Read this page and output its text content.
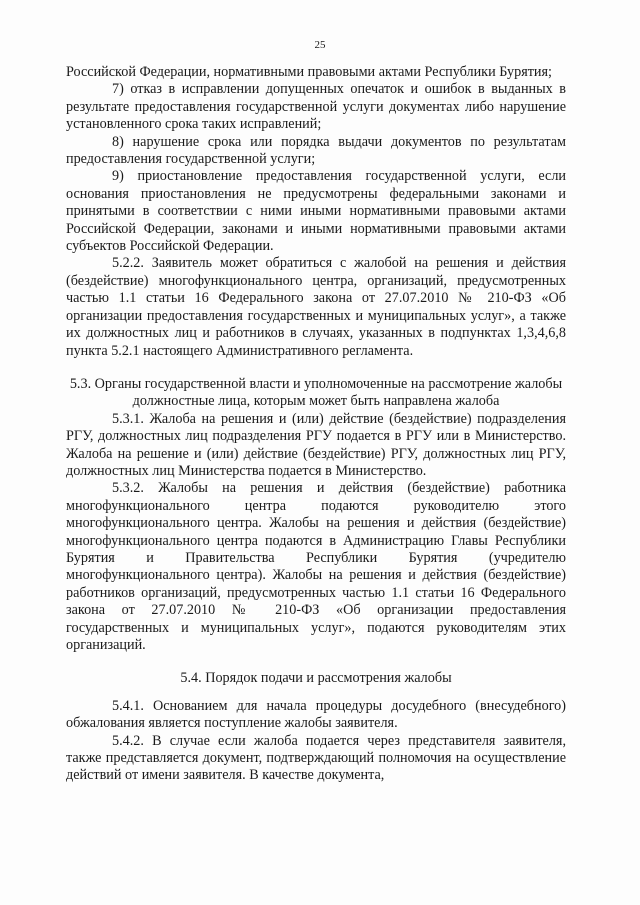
25

Российской Федерации, нормативными правовыми актами Республики Бурятия;

7) отказ в исправлении допущенных опечаток и ошибок в выданных в результате предоставления государственной услуги документах либо нарушение установленного срока таких исправлений;

8) нарушение срока или порядка выдачи документов по результатам предоставления государственной услуги;

9) приостановление предоставления государственной услуги, если основания приостановления не предусмотрены федеральными законами и принятыми в соответствии с ними иными нормативными правовыми актами Российской Федерации, законами и иными нормативными правовыми актами субъектов Российской Федерации.

5.2.2. Заявитель может обратиться с жалобой на решения и действия (бездействие) многофункционального центра, организаций, предусмотренных частью 1.1 статьи 16 Федерального закона от 27.07.2010 № 210-ФЗ «Об организации предоставления государственных и муниципальных услуг», а также их должностных лиц и работников в случаях, указанных в подпунктах 1,3,4,6,8 пункта 5.2.1 настоящего Административного регламента.

5.3. Органы государственной власти и уполномоченные на рассмотрение жалобы должностные лица, которым может быть направлена жалоба

5.3.1. Жалоба на решения и (или) действие (бездействие) подразделения РГУ, должностных лиц подразделения РГУ подается в РГУ или в Министерство. Жалоба на решение и (или) действие (бездействие) РГУ, должностных лиц РГУ, должностных лиц Министерства подается в Министерство.

5.3.2. Жалобы на решения и действия (бездействие) работника многофункционального центра подаются руководителю этого многофункционального центра. Жалобы на решения и действия (бездействие) многофункционального центра подаются в Администрацию Главы Республики Бурятия и Правительства Республики Бурятия (учредителю многофункционального центра). Жалобы на решения и действия (бездействие) работников организаций, предусмотренных частью 1.1 статьи 16 Федерального закона от 27.07.2010 № 210-ФЗ «Об организации предоставления государственных и муниципальных услуг», подаются руководителям этих организаций.

5.4. Порядок подачи и рассмотрения жалобы

5.4.1. Основанием для начала процедуры досудебного (внесудебного) обжалования является поступление жалобы заявителя.

5.4.2. В случае если жалоба подается через представителя заявителя, также представляется документ, подтверждающий полномочия на осуществление действий от имени заявителя. В качестве документа,
